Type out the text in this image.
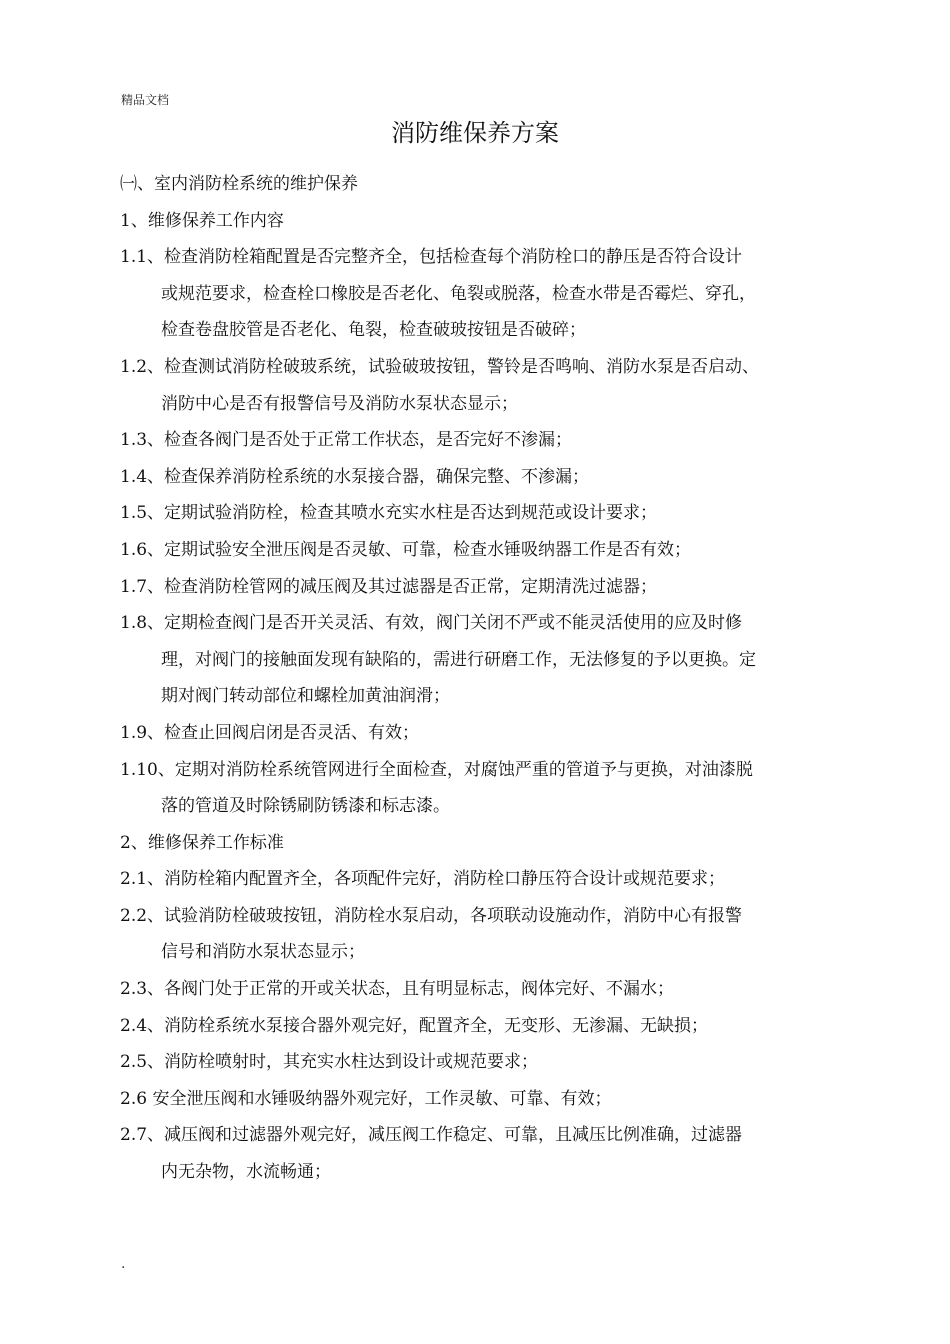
精品文档
消防维保养方案
㈠、室内消防栓系统的维护保养
1、维修保养工作内容
1.1、检查消防栓箱配置是否完整齐全，包括检查每个消防栓口的静压是否符合设计
或规范要求，检查栓口橡胶是否老化、龟裂或脱落，检查水带是否霉烂、穿孔，
检查卷盘胶管是否老化、龟裂，检查破玻按钮是否破碎；
1.2、检查测试消防栓破玻系统，试验破玻按钮，警铃是否鸣响、消防水泵是否启动、
消防中心是否有报警信号及消防水泵状态显示；
1.3、检查各阀门是否处于正常工作状态，是否完好不渗漏；
1.4、检查保养消防栓系统的水泵接合器，确保完整、不渗漏；
1.5、定期试验消防栓，检查其喷水充实水柱是否达到规范或设计要求；
1.6、定期试验安全泄压阀是否灵敏、可靠，检查水锤吸纳器工作是否有效；
1.7、检查消防栓管网的减压阀及其过滤器是否正常，定期清洗过滤器；
1.8、定期检查阀门是否开关灵活、有效，阀门关闭不严或不能灵活使用的应及时修
理，对阀门的接触面发现有缺陷的，需进行研磨工作，无法修复的予以更换。定
期对阀门转动部位和螺栓加黄油润滑；
1.9、检查止回阀启闭是否灵活、有效；
1.10、定期对消防栓系统管网进行全面检查，对腐蚀严重的管道予与更换，对油漆脱
落的管道及时除锈刷防锈漆和标志漆。
2、维修保养工作标准
2.1、消防栓箱内配置齐全，各项配件完好，消防栓口静压符合设计或规范要求；
2.2、试验消防栓破玻按钮，消防栓水泵启动，各项联动设施动作，消防中心有报警
信号和消防水泵状态显示；
2.3、各阀门处于正常的开或关状态，且有明显标志，阀体完好、不漏水；
2.4、消防栓系统水泵接合器外观完好，配置齐全，无变形、无渗漏、无缺损；
2.5、消防栓喷射时，其充实水柱达到设计或规范要求；
2.6 安全泄压阀和水锤吸纳器外观完好，工作灵敏、可靠、有效；
2.7、减压阀和过滤器外观完好，减压阀工作稳定、可靠，且减压比例准确，过滤器
内无杂物，水流畅通；
.
